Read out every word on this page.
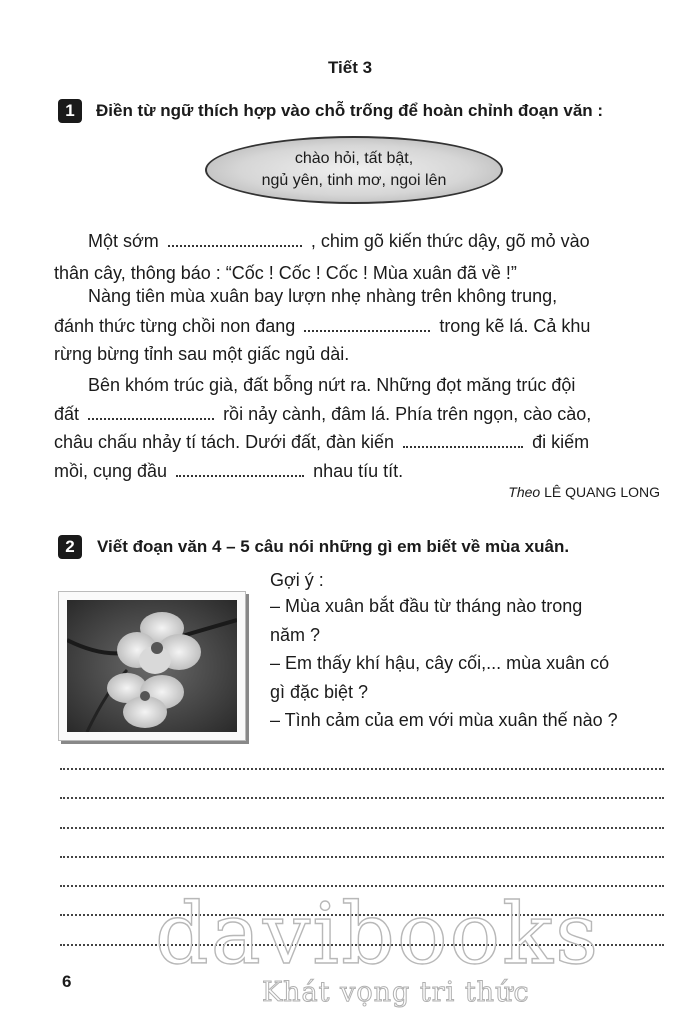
Tiết 3
1	Điền từ ngữ thích hợp vào chỗ trống để hoàn chỉnh đoạn văn :
chào hỏi, tất bật,
ngủ yên, tinh mơ, ngoi lên
Một sớm	, chim gõ kiến thức dậy, gõ mỏ vào
thân cây, thông báo : “Cốc ! Cốc ! Cốc ! Mùa xuân đã về !”
Nàng tiên mùa xuân bay lượn nhẹ nhàng trên không trung,
đánh thức từng chồi non đang	trong kẽ lá. Cả khu
rừng bừng tỉnh sau một giấc ngủ dài.
Bên khóm trúc già, đất bỗng nứt ra. Những đọt măng trúc đội
đất	rồi nảy cành, đâm lá. Phía trên ngọn, cào cào,
châu chấu nhảy tí tách. Dưới đất, đàn kiến	đi kiếm
mồi, cụng đầu	nhau tíu tít.
Theo LÊ QUANG LONG
2	Viết đoạn văn 4 – 5 câu nói những gì em biết về mùa xuân.
Gợi ý :
– Mùa xuân bắt đầu từ tháng nào trong
năm ?
– Em thấy khí hậu, cây cối,... mùa xuân có
gì đặc biệt ?
– Tình cảm của em với mùa xuân thế nào ?
6 davibooks
Khát vọng tri thức
